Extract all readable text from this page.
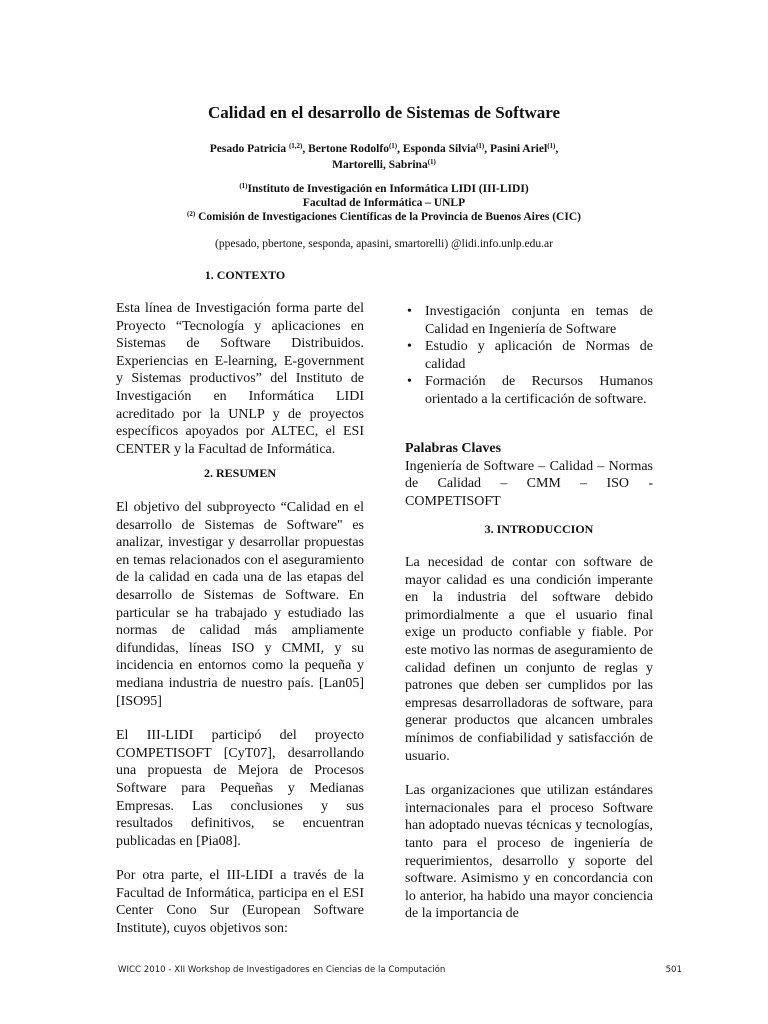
Calidad en el desarrollo de Sistemas de Software
Pesado Patricia $^{(1,2)}$, Bertone Rodolfo$^{(1)}$, Esponda Silvia$^{(1)}$, Pasini Ariel$^{(1)}$,
Martorelli, Sabrina$^{(1)}$
$^{(1)}$Instituto de Investigación en Informática LIDI (III-LIDI)
Facultad de Informática – UNLP
$^{(2)}$ Comisión de Investigaciones Científicas de la Provincia de Buenos Aires (CIC)
(ppesado, pbertone, sesponda, apasini, smartorelli) @lidi.info.unlp.edu.ar
1. CONTEXTO
2. RESUMEN

Esta línea de Investigación forma parte del Proyecto “Tecnología y aplicaciones en Sistemas de Software Distribuidos. Experiencias en E-learning, E-government y Sistemas productivos” del Instituto de Investigación en Informática LIDI acreditado por la UNLP y de proyectos específicos apoyados por ALTEC, el ESI CENTER y la Facultad de Informática.

El objetivo del subproyecto “Calidad en el desarrollo de Sistemas de Software" es analizar, investigar y desarrollar propuestas en temas relacionados con el aseguramiento de la calidad en cada una de las etapas del desarrollo de Sistemas de Software. En particular se ha trabajado y estudiado las normas de calidad más ampliamente difundidas, líneas ISO y CMMI, y su incidencia en entornos como la pequeña y mediana industria de nuestro país. [Lan05] [ISO95]

El III-LIDI participó del proyecto COMPETISOFT [CyT07], desarrollando una propuesta de Mejora de Procesos Software para Pequeñas y Medianas Empresas. Las conclusiones y sus resultados definitivos, se encuentran publicadas en [Pia08].

Por otra parte, el III-LIDI a través de la Facultad de Informática, participa en el ESI Center Cono Sur (European Software Institute), cuyos objetivos son:

• Investigación conjunta en temas de Calidad en Ingeniería de Software
• Estudio y aplicación de Normas de calidad
• Formación de Recursos Humanos orientado a la certificación de software.
Palabras Claves

Ingeniería de Software – Calidad – Normas de Calidad – CMM – ISO - COMPETISOFT

3. INTRODUCCION

La necesidad de contar con software de mayor calidad es una condición imperante en la industria del software debido primordialmente a que el usuario final exige un producto confiable y fiable. Por este motivo las normas de aseguramiento de calidad definen un conjunto de reglas y patrones que deben ser cumplidos por las empresas desarrolladoras de software, para generar productos que alcancen umbrales mínimos de confiabilidad y satisfacción de usuario.

Las organizaciones que utilizan estándares internacionales para el proceso Software han adoptado nuevas técnicas y tecnologías, tanto para el proceso de ingeniería de requerimientos, desarrollo y soporte del software. Asimismo y en concordancia con lo anterior, ha habido una mayor conciencia de la importancia de

WICC 2010 - XII Workshop de Investigadores en Ciencias de la Computación	501
